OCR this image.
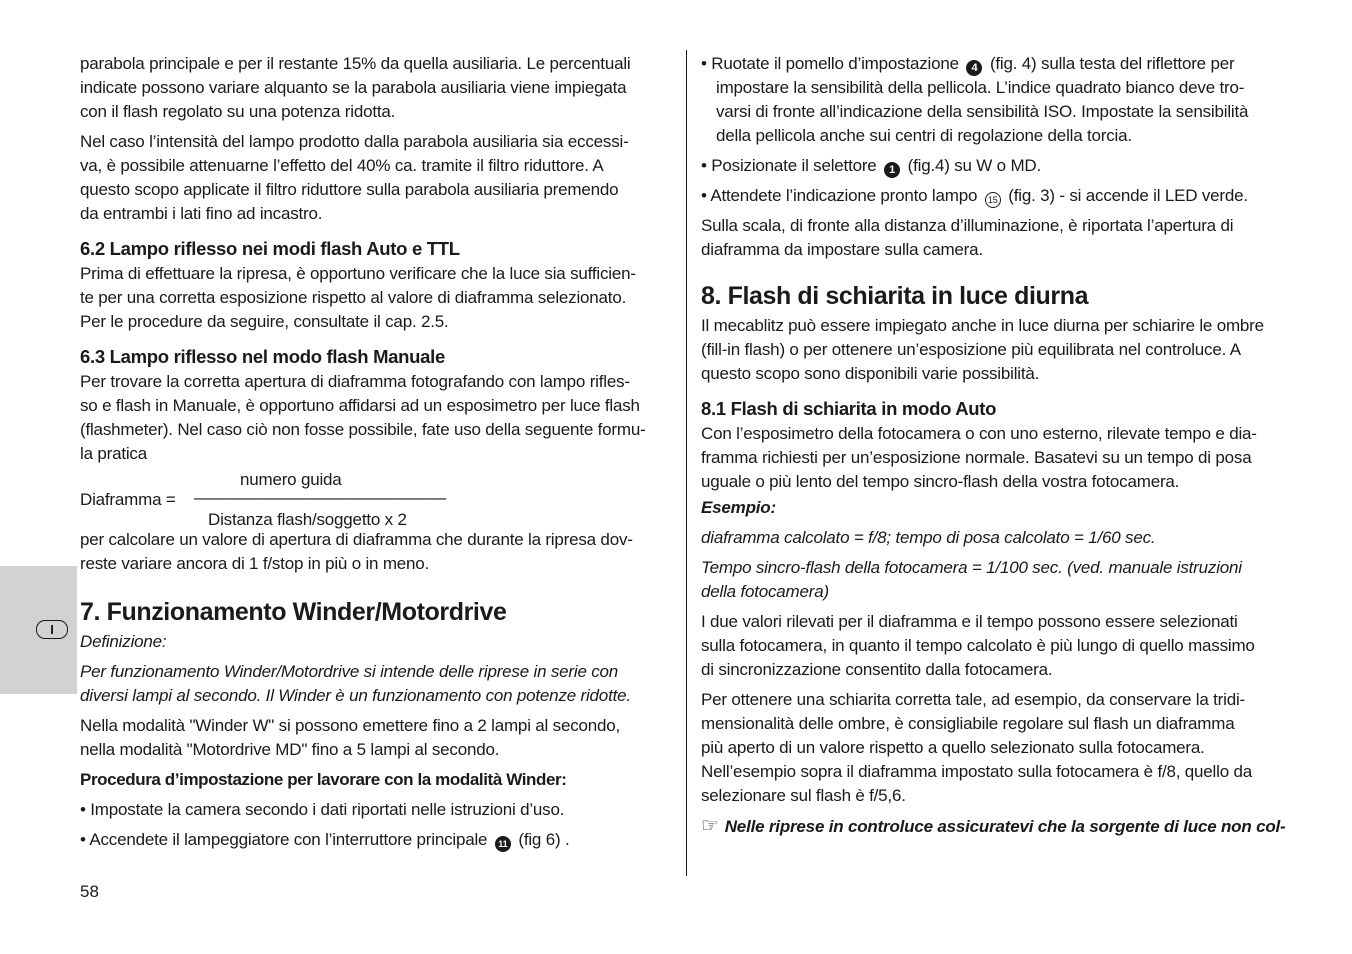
I

parabola principale e per il restante 15% da quella ausiliaria. Le percentuali
indicate possono variare alquanto se la parabola ausiliaria viene impiegata
con il flash regolato su una potenza ridotta.

Nel caso l’intensità del lampo prodotto dalla parabola ausiliaria sia eccessi-
va, è possibile attenuarne l’effetto del 40% ca. tramite il filtro riduttore. A
questo scopo applicate il filtro riduttore sulla parabola ausiliaria premendo
da entrambi i lati fino ad incastro.

6.2 Lampo riflesso nei modi flash Auto e TTL

Prima di effettuare la ripresa, è opportuno verificare che la luce sia sufficien-
te per una corretta esposizione rispetto al valore di diaframma selezionato.
Per le procedure da seguire, consultate il cap. 2.5.

6.3 Lampo riflesso nel modo flash Manuale

Per trovare la corretta apertura di diaframma fotografando con lampo rifles-
so e flash in Manuale, è opportuno affidarsi ad un esposimetro per luce flash
(flashmeter). Nel caso ciò non fosse possibile, fate uso della seguente formu-
la pratica

numero guida
Diaframma = ———————————————
Distanza flash/soggetto x 2

per calcolare un valore di apertura di diaframma che durante la ripresa dov-
reste variare ancora di 1 f/stop in più o in meno.

7. Funzionamento Winder/Motordrive

Definizione:

Per funzionamento Winder/Motordrive si intende delle riprese in serie con
diversi lampi al secondo. Il Winder è un funzionamento con potenze ridotte.

Nella modalità "Winder W" si possono emettere fino a 2 lampi al secondo,
nella modalità "Motordrive MD" fino a 5 lampi al secondo.

Procedura d’impostazione per lavorare con la modalità Winder:

• Impostate la camera secondo i dati riportati nelle istruzioni d’uso.

• Accendete il lampeggiatore con l’interruttore principale 11 (fig 6) .

58

• Ruotate il pomello d’impostazione 4 (fig. 4) sulla testa del riflettore per
impostare la sensibilità della pellicola. L’indice quadrato bianco deve tro-
varsi di fronte all’indicazione della sensibilità ISO. Impostate la sensibilità
della pellicola anche sui centri di regolazione della torcia.

• Posizionate il selettore 1 (fig.4) su W o MD.

• Attendete l’indicazione pronto lampo 15 (fig. 3) - si accende il LED verde.

Sulla scala, di fronte alla distanza d’illuminazione, è riportata l’apertura di
diaframma da impostare sulla camera.

8. Flash di schiarita in luce diurna

Il mecablitz può essere impiegato anche in luce diurna per schiarire le ombre
(fill-in flash) o per ottenere un’esposizione più equilibrata nel controluce. A
questo scopo sono disponibili varie possibilità.

8.1 Flash di schiarita in modo Auto

Con l’esposimetro della fotocamera o con uno esterno, rilevate tempo e dia-
framma richiesti per un’esposizione normale. Basatevi su un tempo di posa
uguale o più lento del tempo sincro-flash della vostra fotocamera.

Esempio:

diaframma calcolato = f/8; tempo di posa calcolato = 1/60 sec.

Tempo sincro-flash della fotocamera = 1/100 sec. (ved. manuale istruzioni
della fotocamera)

I due valori rilevati per il diaframma e il tempo possono essere selezionati
sulla fotocamera, in quanto il tempo calcolato è più lungo di quello massimo
di sincronizzazione consentito dalla fotocamera.

Per ottenere una schiarita corretta tale, ad esempio, da conservare la tridi-
mensionalità delle ombre, è consigliabile regolare sul flash un diaframma
più aperto di un valore rispetto a quello selezionato sulla fotocamera.
Nell’esempio sopra il diaframma impostato sulla fotocamera è f/8, quello da
selezionare sul flash è f/5,6.

☞ Nelle riprese in controluce assicuratevi che la sorgente di luce non col-
